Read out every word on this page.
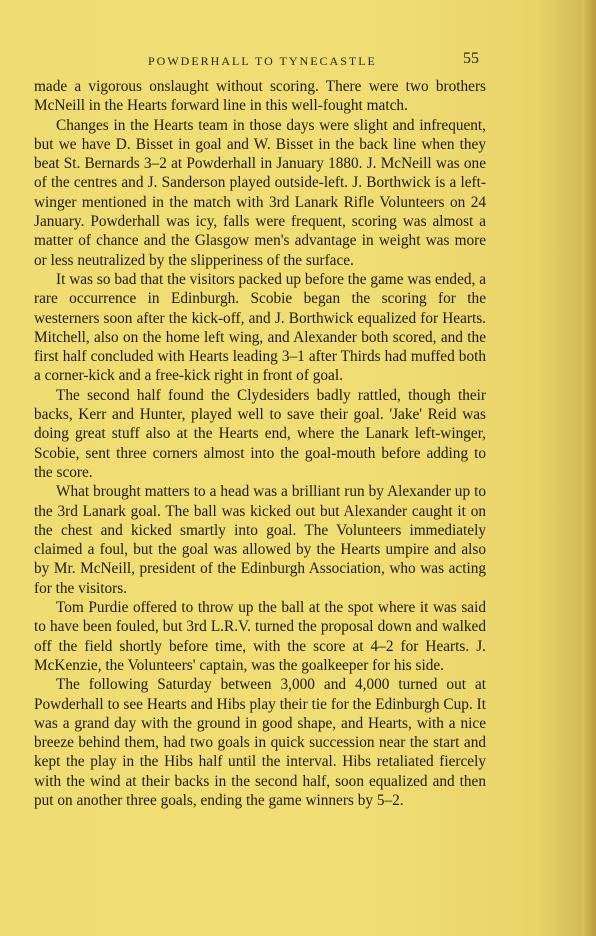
POWDERHALL TO TYNECASTLE	55

made a vigorous onslaught without scoring. There were two brothers McNeill in the Hearts forward line in this well-fought match.

Changes in the Hearts team in those days were slight and infrequent, but we have D. Bisset in goal and W. Bisset in the back line when they beat St. Bernards 3–2 at Powderhall in January 1880. J. McNeill was one of the centres and J. Sanderson played outside-left. J. Borthwick is a left-winger mentioned in the match with 3rd Lanark Rifle Volunteers on 24 January. Powderhall was icy, falls were frequent, scoring was almost a matter of chance and the Glasgow men's advantage in weight was more or less neutralized by the slipperiness of the surface.

It was so bad that the visitors packed up before the game was ended, a rare occurrence in Edinburgh. Scobie began the scoring for the westerners soon after the kick-off, and J. Borthwick equalized for Hearts. Mitchell, also on the home left wing, and Alexander both scored, and the first half concluded with Hearts leading 3–1 after Thirds had muffed both a corner-kick and a free-kick right in front of goal.

The second half found the Clydesiders badly rattled, though their backs, Kerr and Hunter, played well to save their goal. 'Jake' Reid was doing great stuff also at the Hearts end, where the Lanark left-winger, Scobie, sent three corners almost into the goal-mouth before adding to the score.

What brought matters to a head was a brilliant run by Alexander up to the 3rd Lanark goal. The ball was kicked out but Alexander caught it on the chest and kicked smartly into goal. The Volunteers immediately claimed a foul, but the goal was allowed by the Hearts umpire and also by Mr. McNeill, president of the Edinburgh Association, who was acting for the visitors.

Tom Purdie offered to throw up the ball at the spot where it was said to have been fouled, but 3rd L.R.V. turned the proposal down and walked off the field shortly before time, with the score at 4–2 for Hearts. J. McKenzie, the Volunteers' captain, was the goalkeeper for his side.

The following Saturday between 3,000 and 4,000 turned out at Powderhall to see Hearts and Hibs play their tie for the Edinburgh Cup. It was a grand day with the ground in good shape, and Hearts, with a nice breeze behind them, had two goals in quick succession near the start and kept the play in the Hibs half until the interval. Hibs retaliated fiercely with the wind at their backs in the second half, soon equalized and then put on another three goals, ending the game winners by 5–2.
